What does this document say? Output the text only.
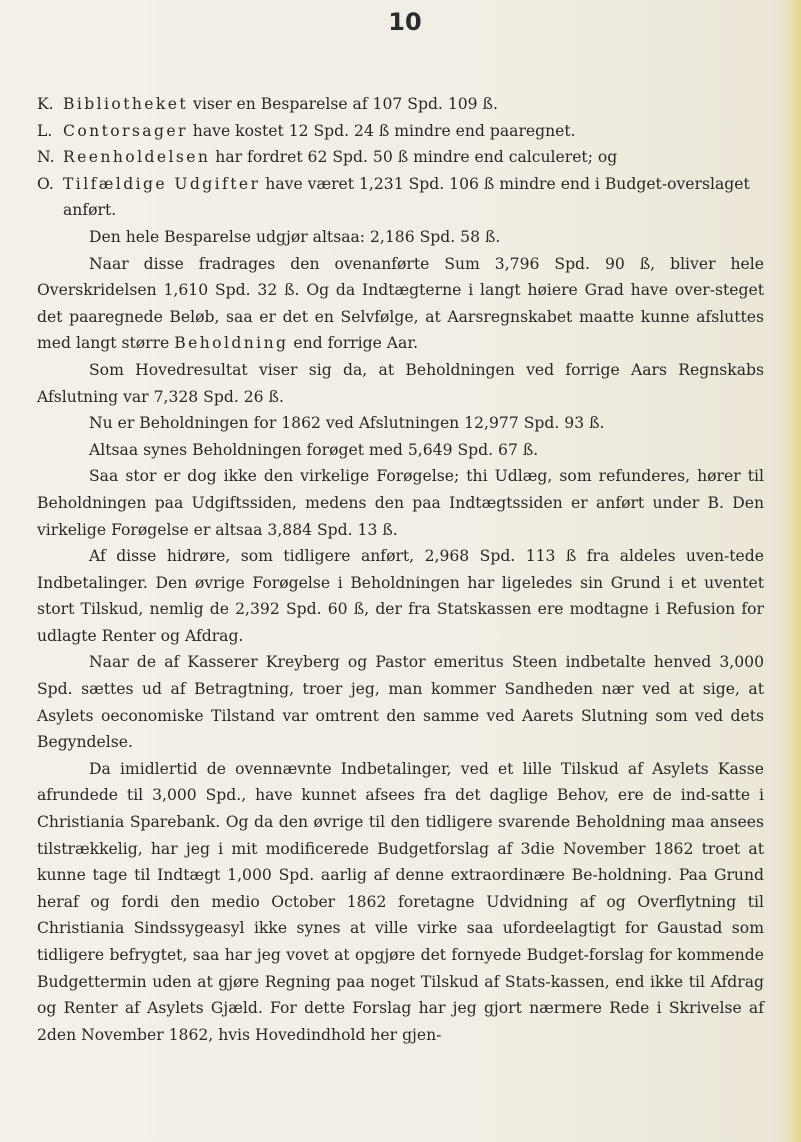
10
K. Bibliotheket viser en Besparelse af 107 Spd. 109 ß.
L. Contorsager have kostet 12 Spd. 24 ß mindre end paaregnet.
N. Reenholdelsen har fordret 62 Spd. 50 ß mindre end calculeret; og
O. Tilfældige Udgifter have været 1,231 Spd. 106 ß mindre end i Budget-overslaget anført.

Den hele Besparelse udgjør altsaa: 2,186 Spd. 58 ß.

Naar disse fradrages den ovenanførte Sum 3,796 Spd. 90 ß, bliver hele Overskridelsen 1,610 Spd. 32 ß. Og da Indtægterne i langt høiere Grad have over-steget det paaregnede Beløb, saa er det en Selvfølge, at Aarsregnskabet maatte kunne afsluttes med langt større Beholdning end forrige Aar.

Som Hovedresultat viser sig da, at Beholdningen ved forrige Aars Regnskabs Afslutning var 7,328 Spd. 26 ß.

Nu er Beholdningen for 1862 ved Afslutningen 12,977 Spd. 93 ß.

Altsaa synes Beholdningen forøget med 5,649 Spd. 67 ß.

Saa stor er dog ikke den virkelige Forøgelse; thi Udlæg, som refunderes, hører til Beholdningen paa Udgiftssiden, medens den paa Indtægtssiden er anført under B. Den virkelige Forøgelse er altsaa 3,884 Spd. 13 ß.

Af disse hidrøre, som tidligere anført, 2,968 Spd. 113 ß fra aldeles uven-tede Indbetalinger. Den øvrige Forøgelse i Beholdningen har ligeledes sin Grund i et uventet stort Tilskud, nemlig de 2,392 Spd. 60 ß, der fra Statskassen ere modtagne i Refusion for udlagte Renter og Afdrag.

Naar de af Kasserer Kreyberg og Pastor emeritus Steen indbetalte henved 3,000 Spd. sættes ud af Betragtning, troer jeg, man kommer Sandheden nær ved at sige, at Asylets oeconomiske Tilstand var omtrent den samme ved Aarets Slutning som ved dets Begyndelse.

Da imidlertid de ovennævnte Indbetalinger, ved et lille Tilskud af Asylets Kasse afrundede til 3,000 Spd., have kunnet afsees fra det daglige Behov, ere de ind-satte i Christiania Sparebank. Og da den øvrige til den tidligere svarende Beholdning maa ansees tilstrækkelig, har jeg i mit modificerede Budgetforslag af 3die November 1862 troet at kunne tage til Indtægt 1,000 Spd. aarlig af denne extraordinære Be-holdning. Paa Grund heraf og fordi den medio October 1862 foretagne Udvidning af og Overflytning til Christiania Sindssygeasyl ikke synes at ville virke saa ufordeelagtigt for Gaustad som tidligere befrygtet, saa har jeg vovet at opgjøre det fornyede Budget-forslag for kommende Budgettermin uden at gjøre Regning paa noget Tilskud af Stats-kassen, end ikke til Afdrag og Renter af Asylets Gjæld. For dette Forslag har jeg gjort nærmere Rede i Skrivelse af 2den November 1862, hvis Hovedindhold her gjen-
